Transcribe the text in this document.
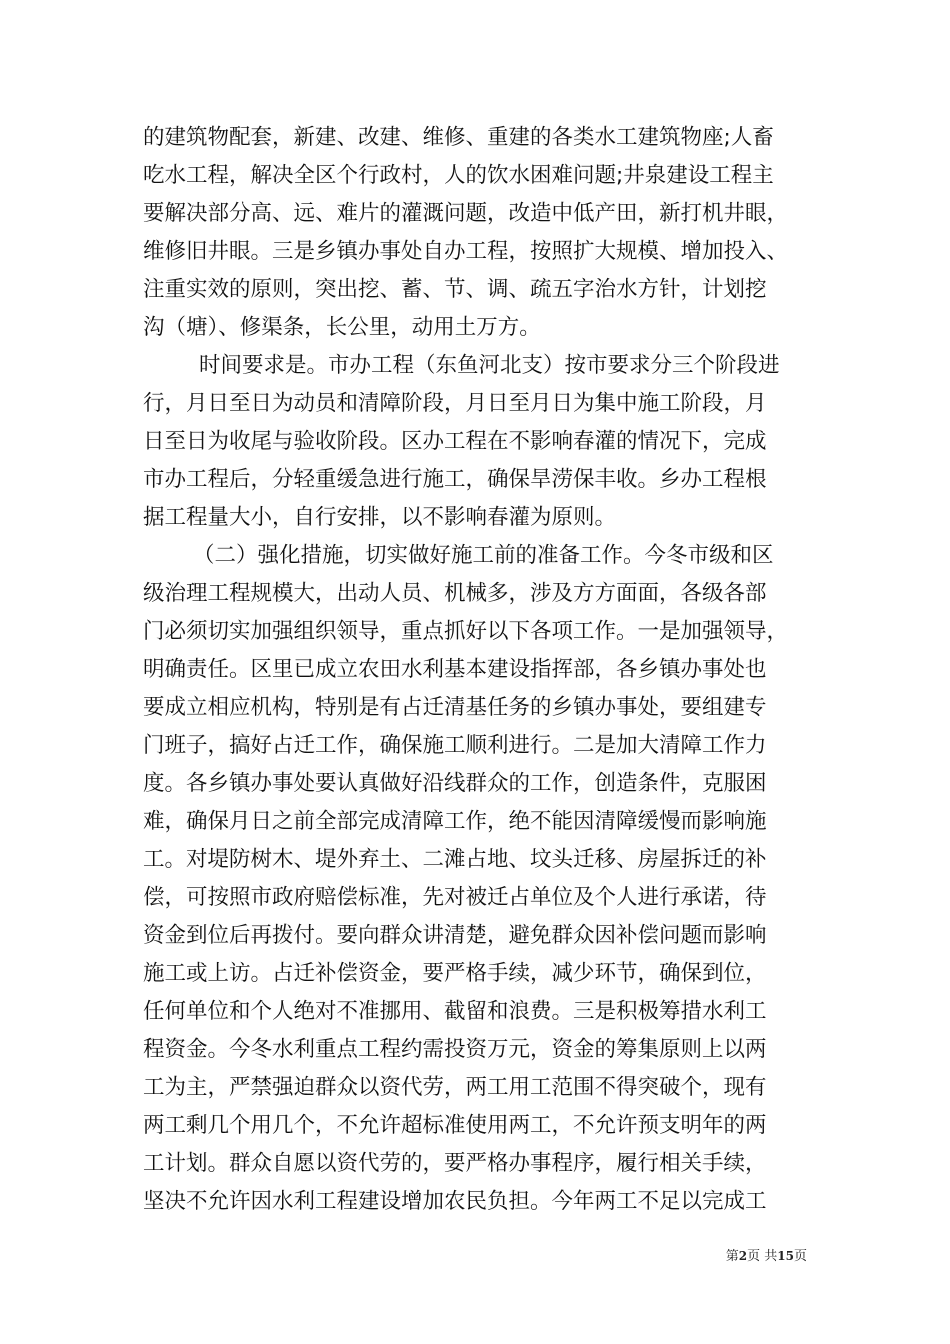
的建筑物配套，新建、改建、维修、重建的各类水工建筑物座;人畜
吃水工程，解决全区个行政村，人的饮水困难问题;井泉建设工程主
要解决部分高、远、难片的灌溉问题，改造中低产田，新打机井眼，
维修旧井眼。三是乡镇办事处自办工程，按照扩大规模、增加投入、
注重实效的原则，突出挖、蓄、节、调、疏五字治水方针，计划挖
沟（塘）、修渠条，长公里，动用土万方。
时间要求是。市办工程（东鱼河北支）按市要求分三个阶段进
行，月日至日为动员和清障阶段，月日至月日为集中施工阶段，月
日至日为收尾与验收阶段。区办工程在不影响春灌的情况下，完成
市办工程后，分轻重缓急进行施工，确保旱涝保丰收。乡办工程根
据工程量大小，自行安排，以不影响春灌为原则。
（二）强化措施，切实做好施工前的准备工作。今冬市级和区
级治理工程规模大，出动人员、机械多，涉及方方面面，各级各部
门必须切实加强组织领导，重点抓好以下各项工作。一是加强领导，
明确责任。区里已成立农田水利基本建设指挥部，各乡镇办事处也
要成立相应机构，特别是有占迁清基任务的乡镇办事处，要组建专
门班子，搞好占迁工作，确保施工顺利进行。二是加大清障工作力
度。各乡镇办事处要认真做好沿线群众的工作，创造条件，克服困
难，确保月日之前全部完成清障工作，绝不能因清障缓慢而影响施
工。对堤防树木、堤外弃土、二滩占地、坟头迁移、房屋拆迁的补
偿，可按照市政府赔偿标准，先对被迁占单位及个人进行承诺，待
资金到位后再拨付。要向群众讲清楚，避免群众因补偿问题而影响
施工或上访。占迁补偿资金，要严格手续，减少环节，确保到位，
任何单位和个人绝对不准挪用、截留和浪费。三是积极筹措水利工
程资金。今冬水利重点工程约需投资万元，资金的筹集原则上以两
工为主，严禁强迫群众以资代劳，两工用工范围不得突破个，现有
两工剩几个用几个，不允许超标准使用两工，不允许预支明年的两
工计划。群众自愿以资代劳的，要严格办事程序，履行相关手续，
坚决不允许因水利工程建设增加农民负担。今年两工不足以完成工
第2页 共15页
